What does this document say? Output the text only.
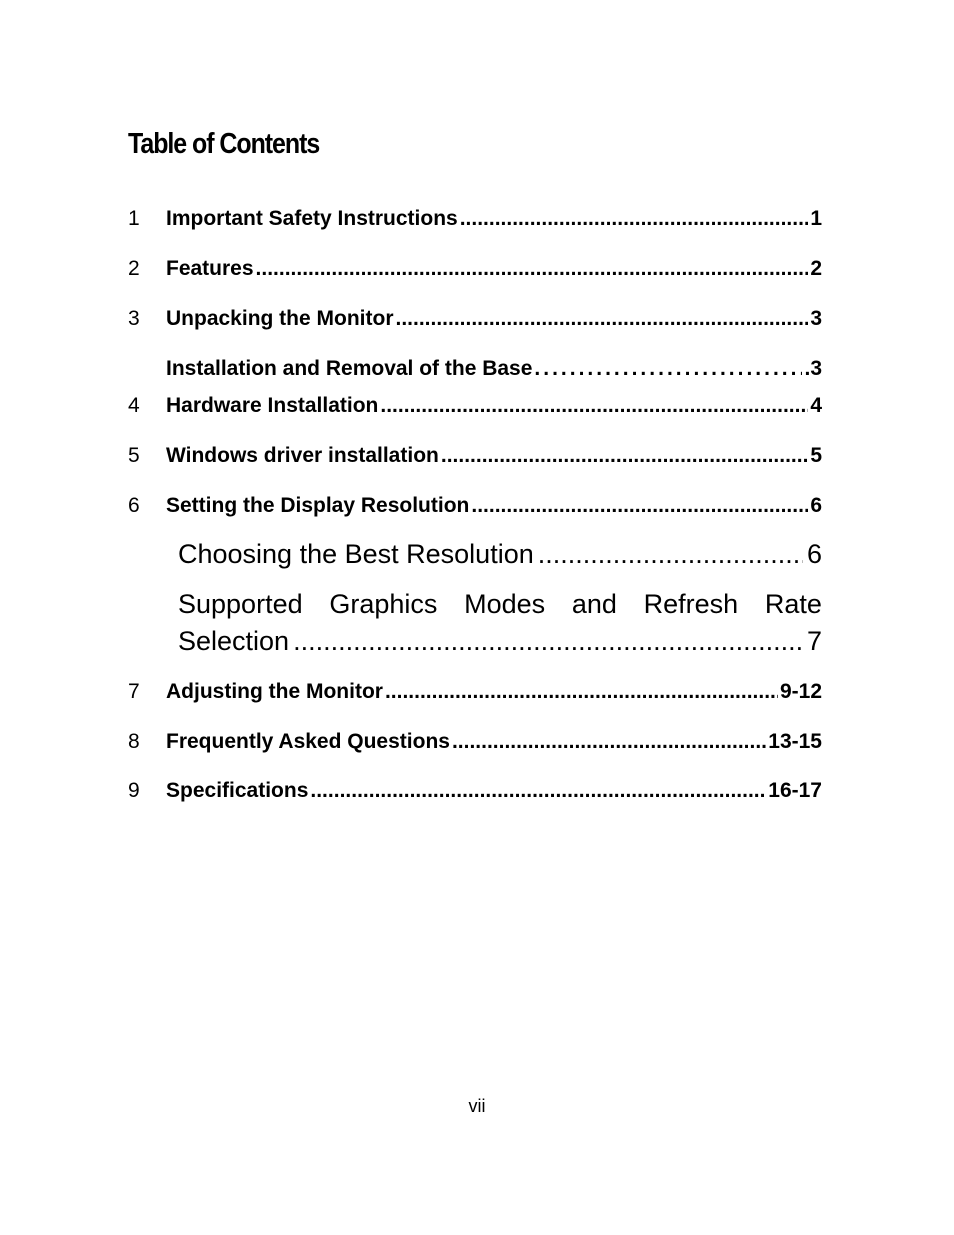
Table of Contents
1	Important Safety Instructions .....	1
2	Features .....	2
3	Unpacking the Monitor .....	3
Installation and Removal of the Base .....	.3
4	Hardware Installation .....	4
5	Windows driver installation .....	5
6	Setting the Display Resolution .....	6
Choosing the Best Resolution .....	6
Supported Graphics Modes and Refresh Rate
Selection .....	7
7	Adjusting the Monitor .....	9-12
8	Frequently Asked Questions .....	13-15
9	Specifications .....	16-17
vii
